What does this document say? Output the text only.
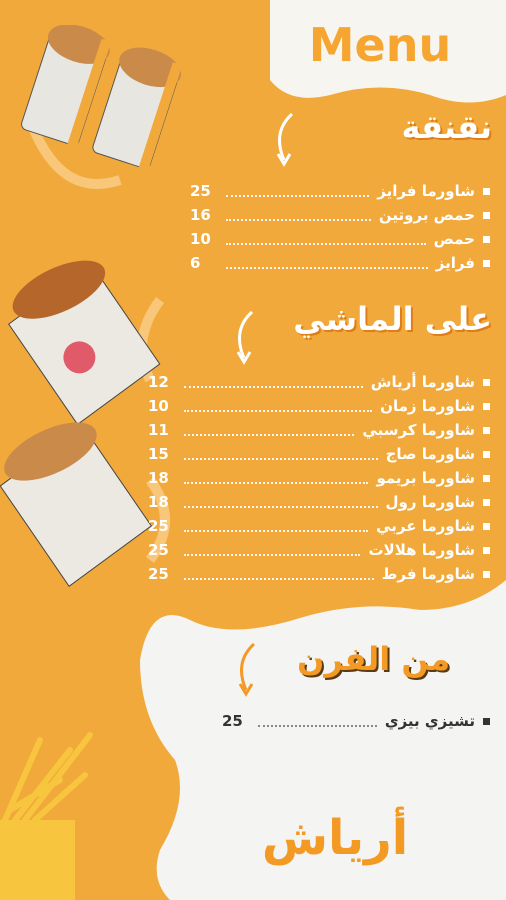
Menu
نقنقة
شاورما فرايز
25
حمص بروتين
16
حمص
10
فرايز
6
على الماشي
شاورما أرياش
12
شاورما زمان
10
شاورما كرسبي
11
شاورما صاج
15
شاورما بريمو
18
شاورما رول
18
شاورما عربي
25
شاورما هلالات
25
شاورما فرط
25
من الفرن
تشيزي بيزي
25
أرياش
